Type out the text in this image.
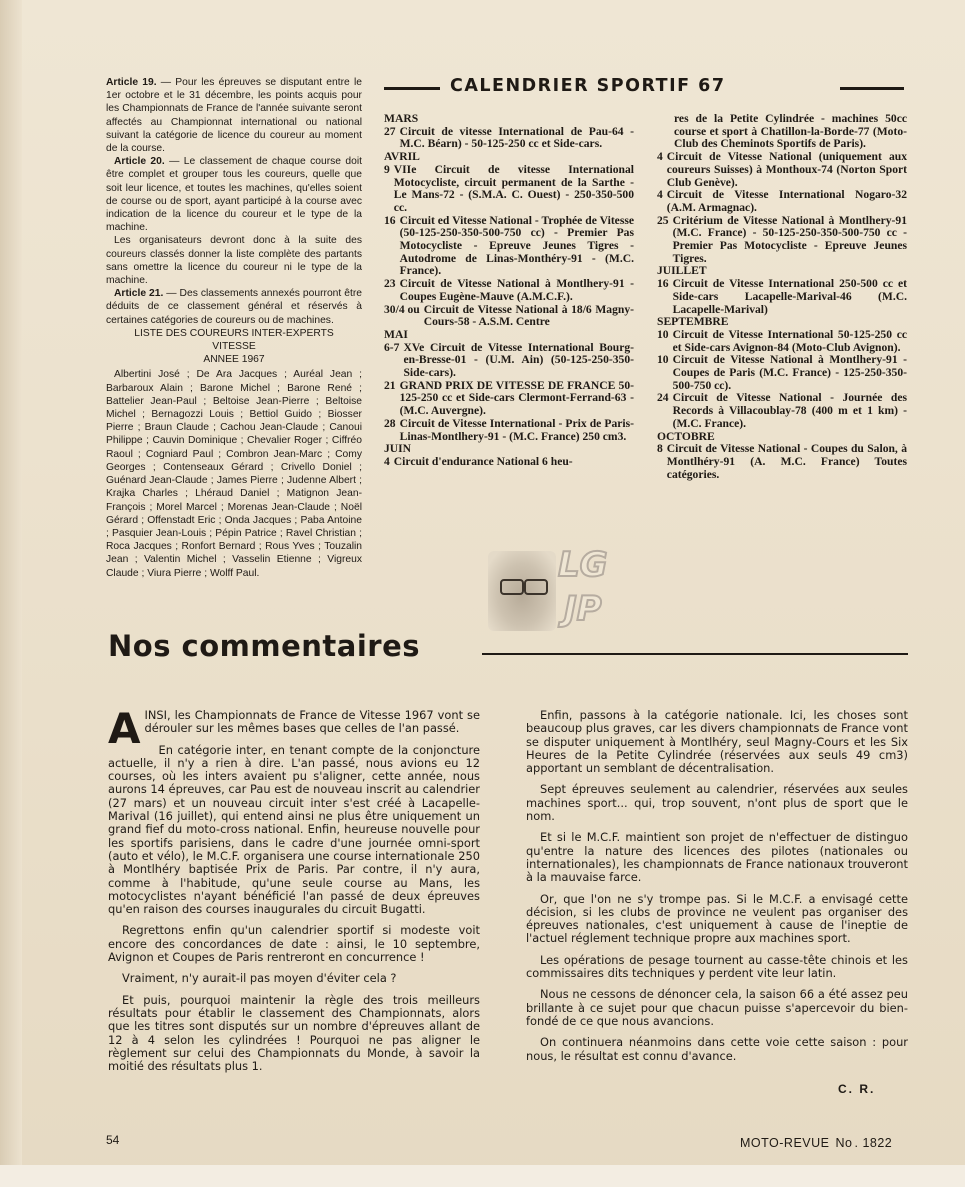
Article 19. — Pour les épreuves se disputant entre le 1er octobre et le 31 décembre, les points acquis pour les Championnats de France de l'année suivante seront affectés au Championnat international ou national suivant la catégorie de licence du coureur au moment de la course.

Article 20. — Le classement de chaque course doit être complet et grouper tous les coureurs, quelle que soit leur licence, et toutes les machines, qu'elles soient de course ou de sport, ayant participé à la course avec indication de la licence du coureur et le type de la machine.

Les organisateurs devront donc à la suite des coureurs classés donner la liste complète des partants sans omettre la licence du coureur ni le type de la machine.

Article 21. — Des classements annexés pourront être déduits de ce classement général et réservés à certaines catégories de coureurs ou de machines.

LISTE DES COUREURS INTER-EXPERTS

VITESSE

ANNEE 1967

Albertini José ; De Ara Jacques ; Auréal Jean ; Barbaroux Alain ; Barone Michel ; Barone René ; Battelier Jean-Paul ; Beltoise Jean-Pierre ; Beltoise Michel ; Bernagozzi Louis ; Bettiol Guido ; Biosser Pierre ; Braun Claude ; Cachou Jean-Claude ; Canoui Philippe ; Cauvin Dominique ; Chevalier Roger ; Ciffréo Raoul ; Cogniard Paul ; Combron Jean-Marc ; Comy Georges ; Contenseaux Gérard ; Crivello Doniel ; Guénard Jean-Claude ; James Pierre ; Judenne Albert ; Krajka Charles ; Lhéraud Daniel ; Matignon Jean-François ; Morel Marcel ; Morenas Jean-Claude ; Noël Gérard ; Offenstadt Eric ; Onda Jacques ; Paba Antoine ; Pasquier Jean-Louis ; Pépin Patrice ; Ravel Christian ; Roca Jacques ; Ronfort Bernard ; Rous Yves ; Touzalin Jean ; Valentin Michel ; Vasselin Etienne ; Vigreux Claude ; Viura Pierre ; Wolff Paul.

CALENDRIER SPORTIF 67
MARS
27 Circuit de vitesse International de Pau-64 - M.C. Béarn) - 50-125-250 cc et Side-cars.
AVRIL
9 VIIe Circuit de vitesse International Motocycliste, circuit permanent de la Sarthe - Le Mans-72 - (S.M.A. C. Ouest) - 250-350-500 cc.
16 Circuit ed Vitesse National - Trophée de Vitesse (50-125-250-350-500-750 cc) - Premier Pas Motocycliste - Epreuve Jeunes Tigres - Autodrome de Linas-Monthéry-91 - (M.C. France).
23 Circuit de Vitesse National à Montlhery-91 - Coupes Eugène-Mauve (A.M.C.F.).
30/4 ou Circuit de Vitesse National à 18/6 Magny-Cours-58 - A.S.M. Centre
MAI
6-7 XVe Circuit de Vitesse International Bourg-en-Bresse-01 - (U.M. Ain) (50-125-250-350-Side-cars).
21 GRAND PRIX DE VITESSE DE FRANCE 50-125-250 cc et Side-cars Clermont-Ferrand-63 - (M.C. Auvergne).
28 Circuit de Vitesse International - Prix de Paris-Linas-Montlhery-91 - (M.C. France) 250 cm3.
JUIN
4 Circuit d'endurance National 6 heu-
res de la Petite Cylindrée - machines 50cc course et sport à Chatillon-la-Borde-77 (Moto-Club des Cheminots Sportifs de Paris).
4 Circuit de Vitesse National (uniquement aux coureurs Suisses) à Monthoux-74 (Norton Sport Club Genève).
4 Circuit de Vitesse International Nogaro-32 (A.M. Armagnac).
25 Critérium de Vitesse National à Montlhery-91 (M.C. France) - 50-125-250-350-500-750 cc - Premier Pas Motocycliste - Epreuve Jeunes Tigres.
JUILLET
16 Circuit de Vitesse International 250-500 cc et Side-cars Lacapelle-Marival-46 (M.C. Lacapelle-Marival)
SEPTEMBRE
10 Circuit de Vitesse International 50-125-250 cc et Side-cars Avignon-84 (Moto-Club Avignon).
10 Circuit de Vitesse National à Montlhery-91 - Coupes de Paris (M.C. France) - 125-250-350-500-750 cc).
24 Circuit de Vitesse National - Journée des Records à Villacoublay-78 (400 m et 1 km) - (M.C. France).
OCTOBRE
8 Circuit de Vitesse National - Coupes du Salon, à Montlhéry-91 (A. M.C. France) Toutes catégories.
LG
JP
Nos commentaires

AINSI, les Championnats de France de Vitesse 1967 vont se dérouler sur les mêmes bases que celles de l'an passé.

En catégorie inter, en tenant compte de la conjoncture actuelle, il n'y a rien à dire. L'an passé, nous avions eu 12 courses, où les inters avaient pu s'aligner, cette année, nous aurons 14 épreuves, car Pau est de nouveau inscrit au calendrier (27 mars) et un nouveau circuit inter s'est créé à Lacapelle-Marival (16 juillet), qui entend ainsi ne plus être uniquement un grand fief du moto-cross national. Enfin, heureuse nouvelle pour les sportifs parisiens, dans le cadre d'une journée omni-sport (auto et vélo), le M.C.F. organisera une course internationale 250 à Montlhéry baptisée Prix de Paris. Par contre, il n'y aura, comme à l'habitude, qu'une seule course au Mans, les motocyclistes n'ayant bénéficié l'an passé de deux épreuves qu'en raison des courses inaugurales du circuit Bugatti.

Regrettons enfin qu'un calendrier sportif si modeste voit encore des concordances de date : ainsi, le 10 septembre, Avignon et Coupes de Paris rentreront en concurrence !

Vraiment, n'y aurait-il pas moyen d'éviter cela ?

Et puis, pourquoi maintenir la règle des trois meilleurs résultats pour établir le classement des Championnats, alors que les titres sont disputés sur un nombre d'épreuves allant de 12 à 4 selon les cylindrées ! Pourquoi ne pas aligner le règlement sur celui des Championnats du Monde, à savoir la moitié des résultats plus 1.

Enfin, passons à la catégorie nationale. Ici, les choses sont beaucoup plus graves, car les divers championnats de France vont se disputer uniquement à Montlhéry, seul Magny-Cours et les Six Heures de la Petite Cylindrée (réservées aux seuls 49 cm3) apportant un semblant de décentralisation.

Sept épreuves seulement au calendrier, réservées aux seules machines sport... qui, trop souvent, n'ont plus de sport que le nom.

Et si le M.C.F. maintient son projet de n'effectuer de distinguo qu'entre la nature des licences des pilotes (nationales ou internationales), les championnats de France nationaux trouveront à la mauvaise farce.

Or, que l'on ne s'y trompe pas. Si le M.C.F. a envisagé cette décision, si les clubs de province ne veulent pas organiser des épreuves nationales, c'est uniquement à cause de l'ineptie de l'actuel réglement technique propre aux machines sport.

Les opérations de pesage tournent au casse-tête chinois et les commissaires dits techniques y perdent vite leur latin.

Nous ne cessons de dénoncer cela, la saison 66 a été assez peu brillante à ce sujet pour que chacun puisse s'apercevoir du bien-fondé de ce que nous avancions.

On continuera néanmoins dans cette voie cette saison : pour nous, le résultat est connu d'avance.

C. R.
54	MOTO-REVUE No . 1822
